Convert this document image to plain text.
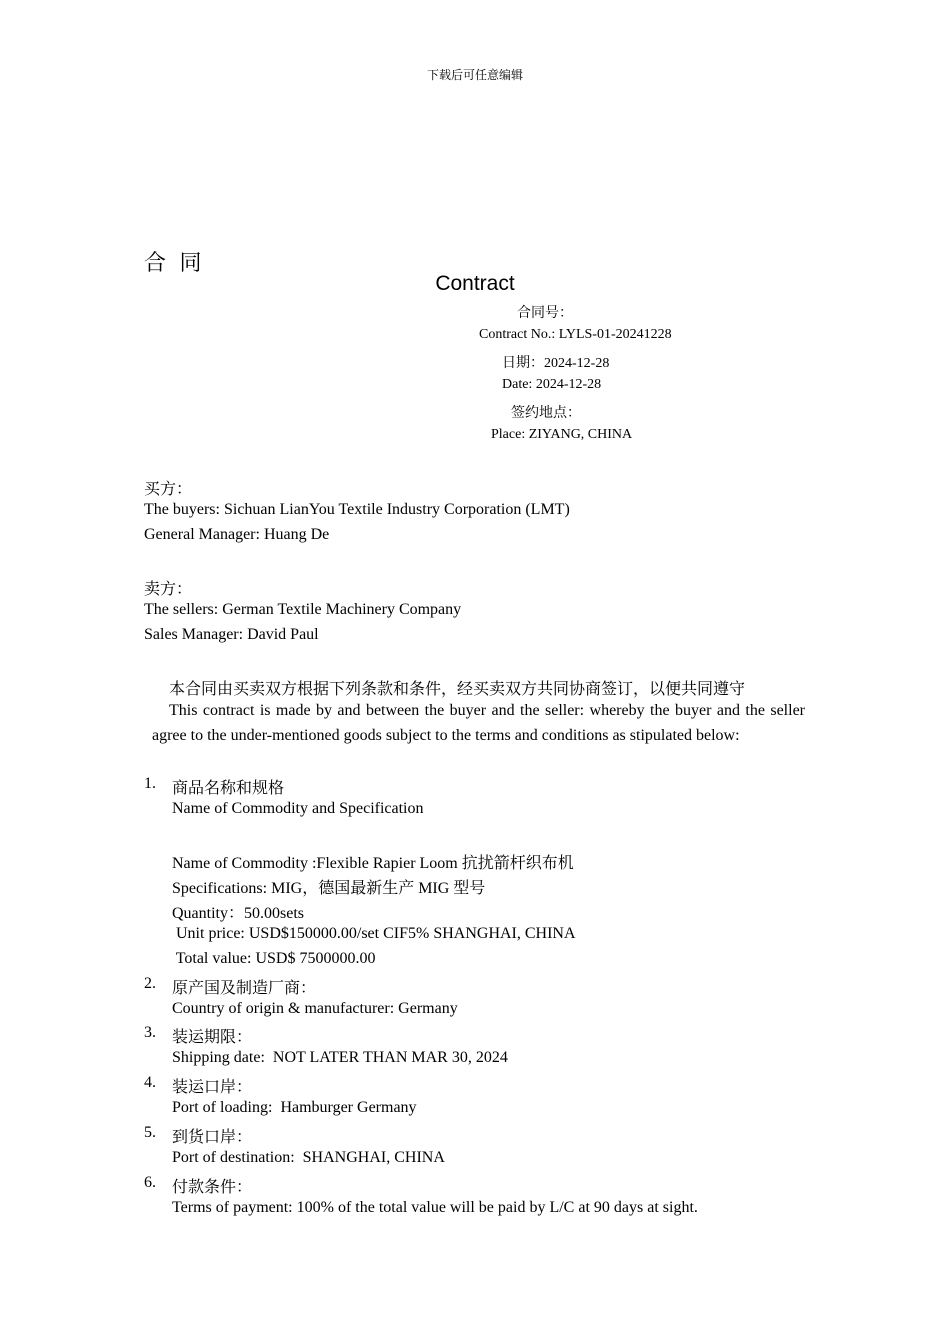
下载后可任意编辑
合 同
Contract
合同号：
Contract No.: LYLS-01-20241228
日期：2024-12-28
Date: 2024-12-28
签约地点：
Place: ZIYANG, CHINA
买方：
The buyers: Sichuan LianYou Textile Industry Corporation (LMT)
General Manager: Huang De
卖方：
The sellers: German Textile Machinery Company
Sales Manager: David Paul
本合同由买卖双方根据下列条款和条件，经买卖双方共同协商签订，以便共同遵守
This contract is made by and between the buyer and the seller: whereby the buyer and the seller agree to the under-mentioned goods subject to the terms and conditions as stipulated below:
1. 商品名称和规格
Name of Commodity and Specification
Name of Commodity :Flexible Rapier Loom 抗扰箭杆织布机
Specifications: MIG，德国最新生产 MIG 型号
Quantity：50.00sets
Unit price: USD$150000.00/set CIF5% SHANGHAI, CHINA
Total value: USD$ 7500000.00
2. 原产国及制造厂商：
Country of origin & manufacturer: Germany
3. 装运期限：
Shipping date:  NOT LATER THAN MAR 30, 2024
4. 装运口岸：
Port of loading:  Hamburger Germany
5. 到货口岸：
Port of destination:  SHANGHAI, CHINA
6. 付款条件：
Terms of payment: 100% of the total value will be paid by L/C at 90 days at sight.
